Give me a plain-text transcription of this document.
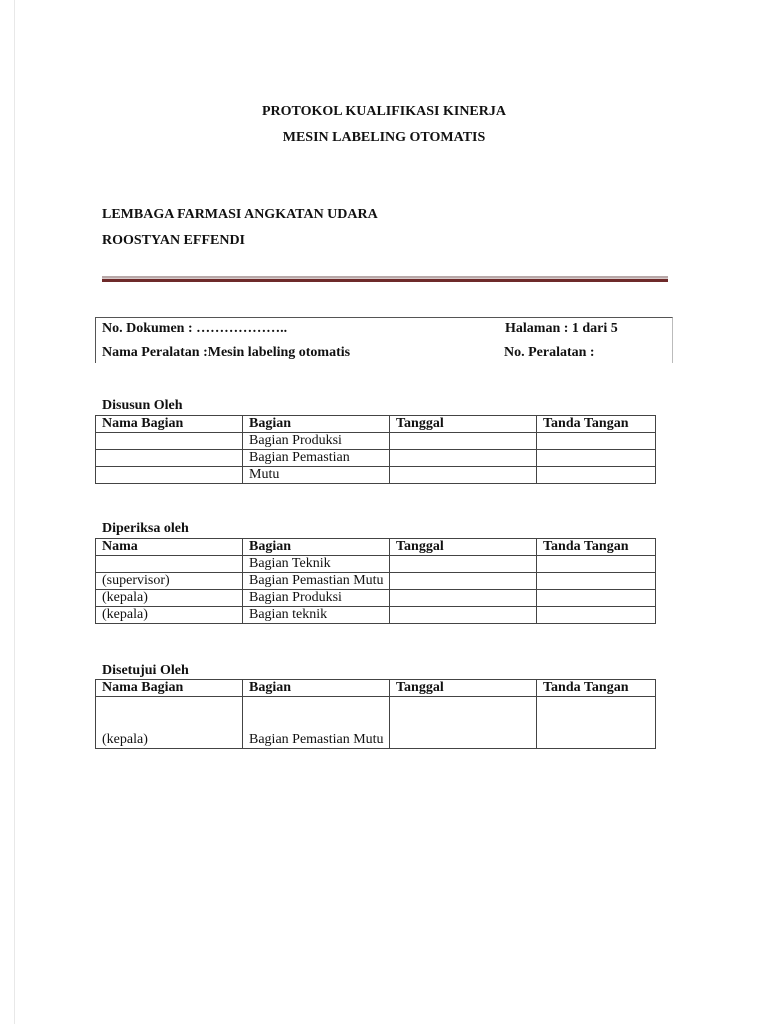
PROTOKOL KUALIFIKASI KINERJA
MESIN LABELING OTOMATIS
LEMBAGA FARMASI ANGKATAN UDARA
ROOSTYAN EFFENDI
No. Dokumen : ………………..	Halaman : 1 dari 5
Nama Peralatan :Mesin labeling otomatis	No. Peralatan :
Disusun Oleh
Nama Bagian	Bagian	Tanggal	Tanda Tangan
	Bagian Produksi		
	Bagian Pemastian		
	Mutu		
Diperiksa oleh
Nama	Bagian	Tanggal	Tanda Tangan
	Bagian Teknik		
(supervisor)	Bagian Pemastian Mutu		
(kepala)	Bagian Produksi		
(kepala)	Bagian teknik		
Disetujui Oleh
Nama Bagian	Bagian	Tanggal	Tanda Tangan
(kepala)	Bagian Pemastian Mutu		
